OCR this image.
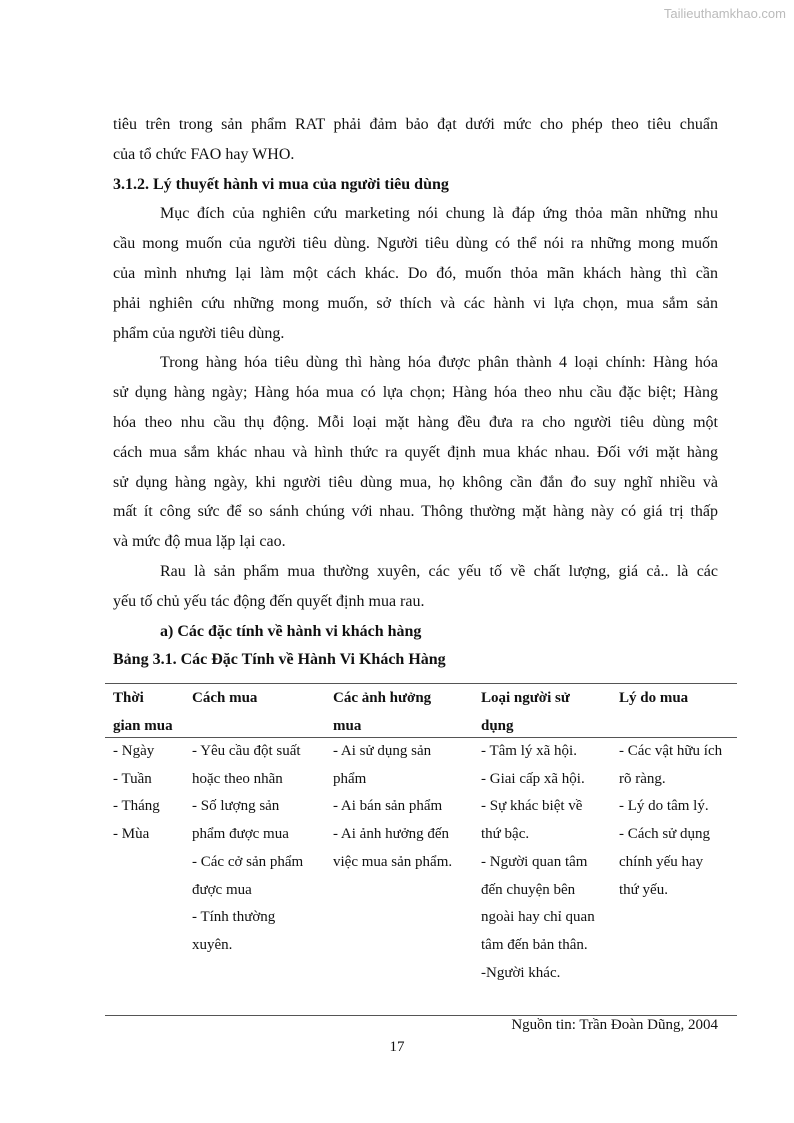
Tailieuthamkhao.com
tiêu trên trong sản phẩm RAT phải đảm bảo đạt dưới mức cho phép theo tiêu chuẩn
của tổ chức FAO hay WHO.
3.1.2. Lý thuyết hành vi mua của người tiêu dùng
Mục đích của nghiên cứu marketing nói chung là đáp ứng thỏa mãn những nhu
cầu mong muốn của người tiêu dùng. Người tiêu dùng có thể nói ra những mong muốn
của mình nhưng lại làm một cách khác. Do đó, muốn thỏa mãn khách hàng thì cần
phải nghiên cứu những mong muốn, sở thích và các hành vi lựa chọn, mua sắm sản
phẩm của người tiêu dùng.
Trong hàng hóa tiêu dùng thì hàng hóa được phân thành 4 loại chính: Hàng hóa
sử dụng hàng ngày; Hàng hóa mua có lựa chọn; Hàng hóa theo nhu cầu đặc biệt; Hàng
hóa theo nhu cầu thụ động. Mỗi loại mặt hàng đều đưa ra cho người tiêu dùng một
cách mua sắm khác nhau và hình thức ra quyết định mua khác nhau. Đối với mặt hàng
sử dụng hàng ngày, khi người tiêu dùng mua, họ không cần đắn đo suy nghĩ nhiều và
mất ít công sức để so sánh chúng với nhau. Thông thường mặt hàng này có giá trị thấp
và mức độ mua lặp lại cao.
Rau là sản phẩm mua thường xuyên, các yếu tố về chất lượng, giá cả.. là các
yếu tố chủ yếu tác động đến quyết định mua rau.
a) Các đặc tính về hành vi khách hàng
Bảng 3.1. Các Đặc Tính về Hành Vi Khách Hàng
Thời
gian mua
Cách mua	Các ảnh hưởng
mua
Loại người sử
dụng
Lý do mua
- Ngày
- Tuần
- Tháng
- Mùa
- Yêu cầu đột suất
hoặc theo nhãn
- Số lượng sản
phẩm được mua
- Các cở sản phẩm
được mua
- Tính thường
xuyên.
- Ai sử dụng sản
phẩm
- Ai bán sản phẩm
- Ai ảnh hưởng đến
việc mua sản phẩm.
- Tâm lý xã hội.
- Giai cấp xã hội.
- Sự khác biệt về
thứ bậc.
- Người quan tâm
đến chuyện bên
ngoài hay chỉ quan
tâm đến bản thân.
-Người khác.
- Các vật hữu ích
rõ ràng.
- Lý do tâm lý.
- Cách sử dụng
chính yếu hay
thứ yếu.
Nguồn tin: Trần Đoàn Dũng, 2004
17
